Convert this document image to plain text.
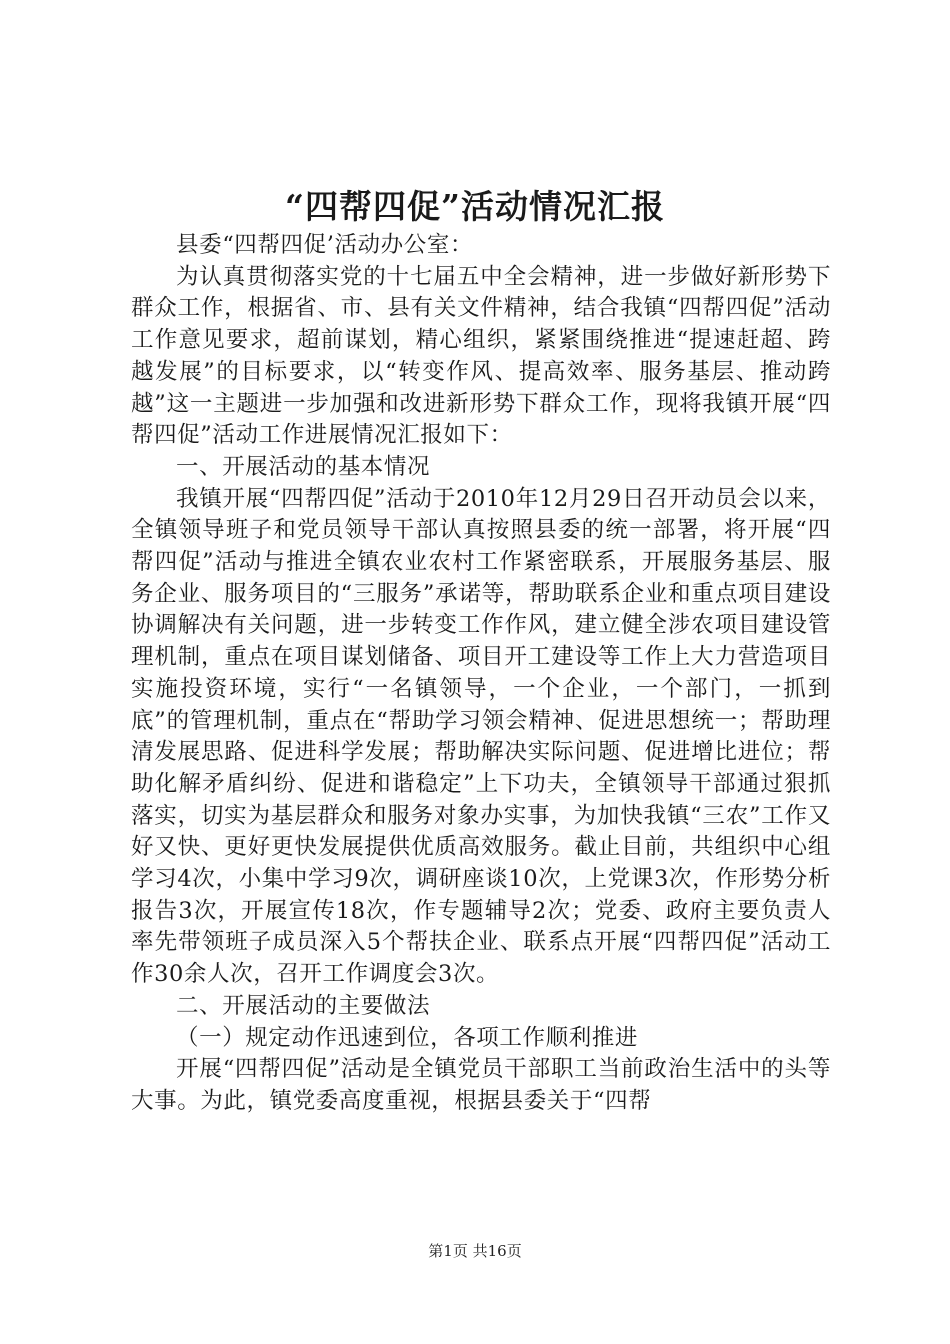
“四帮四促”活动情况汇报

县委“四帮四促’活动办公室：

为认真贯彻落实党的十七届五中全会精神，进一步做好新形势下群众工作，根据省、市、县有关文件精神，结合我镇“四帮四促”活动工作意见要求，超前谋划，精心组织，紧紧围绕推进“提速赶超、跨越发展”的目标要求，以“转变作风、提高效率、服务基层、推动跨越”这一主题进一步加强和改进新形势下群众工作，现将我镇开展“四帮四促”活动工作进展情况汇报如下：

一、开展活动的基本情况

我镇开展“四帮四促”活动于2010年12月29日召开动员会以来，全镇领导班子和党员领导干部认真按照县委的统一部署，将开展“四帮四促”活动与推进全镇农业农村工作紧密联系，开展服务基层、服务企业、服务项目的“三服务”承诺等，帮助联系企业和重点项目建设协调解决有关问题，进一步转变工作作风，建立健全涉农项目建设管理机制，重点在项目谋划储备、项目开工建设等工作上大力营造项目实施投资环境，实行“一名镇领导，一个企业，一个部门，一抓到底”的管理机制，重点在“帮助学习领会精神、促进思想统一；帮助理清发展思路、促进科学发展；帮助解决实际问题、促进增比进位；帮助化解矛盾纠纷、促进和谐稳定”上下功夫，全镇领导干部通过狠抓落实，切实为基层群众和服务对象办实事，为加快我镇“三农”工作又好又快、更好更快发展提供优质高效服务。截止目前，共组织中心组学习4次，小集中学习9次，调研座谈10次，上党课3次，作形势分析报告3次，开展宣传18次，作专题辅导2次；党委、政府主要负责人率先带领班子成员深入5个帮扶企业、联系点开展“四帮四促”活动工作30余人次，召开工作调度会3次。

二、开展活动的主要做法

（一）规定动作迅速到位，各项工作顺利推进

开展“四帮四促”活动是全镇党员干部职工当前政治生活中的头等大事。为此，镇党委高度重视，根据县委关于“四帮

第1页 共16页
